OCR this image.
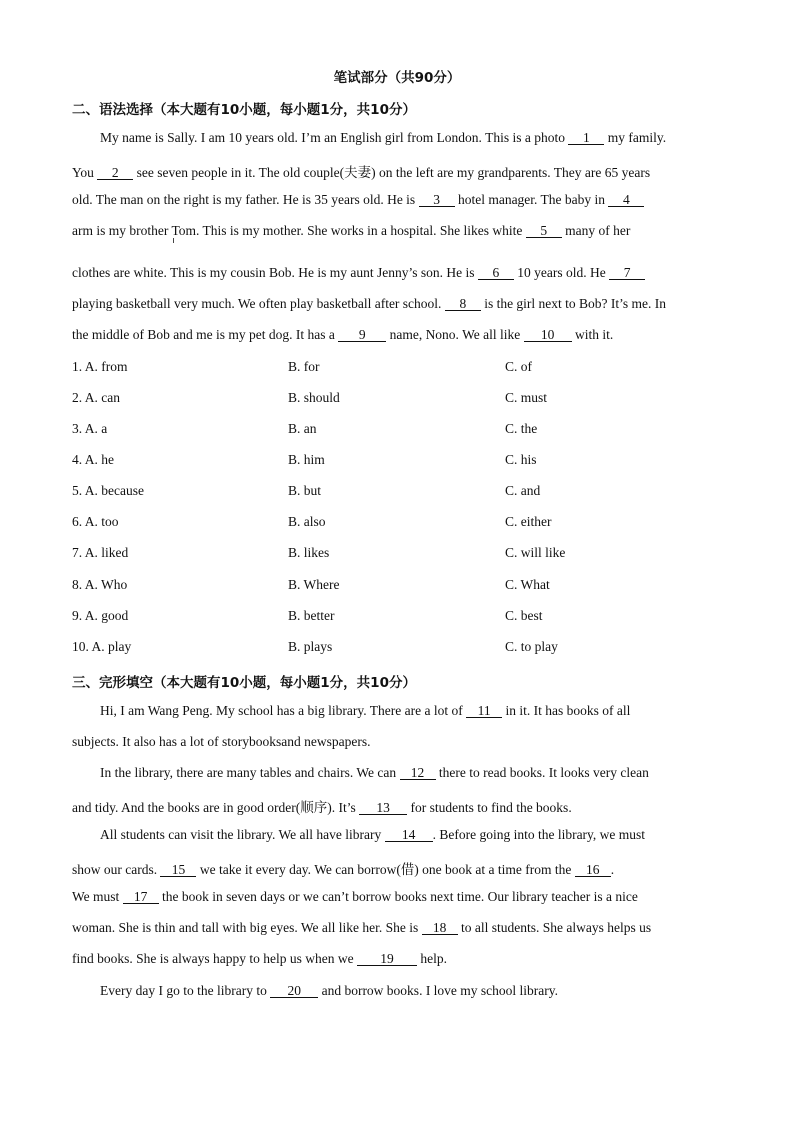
笔试部分（共90分）
二、语法选择（本大题有10小题，每小题1分，共10分）
My name is Sally. I am 10 years old. I’m an English girl from London. This is a photo 1 my family.
You 2 see seven people in it. The old couple(夫妻) on the left are my grandparents. They are 65 years
old. The man on the right is my father. He is 35 years old. He is 3 hotel manager. The baby in 4
arm is my brother Tom. This is my mother. She works in a hospital. She likes white 5 many of her
clothes are white. This is my cousin Bob. He is my aunt Jenny’s son. He is 6 10 years old. He 7
playing basketball very much. We often play basketball after school. 8 is the girl next to Bob? It’s me. In
the middle of Bob and me is my pet dog. It has a 9 name, Nono. We all like 10 with it.
1. A. from	B. for	C. of
2. A. can	B. should	C. must
3. A. a	B. an	C. the
4. A. he	B. him	C. his
5. A. because	B. but	C. and
6. A. too	B. also	C. either
7. A. liked	B. likes	C. will like
8. A. Who	B. Where	C. What
9. A. good	B. better	C. best
10. A. play	B. plays	C. to play
三、完形填空（本大题有10小题，每小题1分，共10分）
Hi, I am Wang Peng. My school has a big library. There are a lot of 11 in it. It has books of all
subjects. It also has a lot of storybooksand newspapers.
In the library, there are many tables and chairs. We can 12 there to read books. It looks very clean
and tidy. And the books are in good order(顺序). It’s 13 for students to find the books.
All students can visit the library. We all have library 14 . Before going into the library, we must
show our cards. 15 we take it every day. We can borrow(借) one book at a time from the 16 .
We must 17 the book in seven days or we can’t borrow books next time. Our library teacher is a nice
woman. She is thin and tall with big eyes. We all like her. She is 18 to all students. She always helps us
find books. She is always happy to help us when we 19 help.
Every day I go to the library to 20 and borrow books. I love my school library.
